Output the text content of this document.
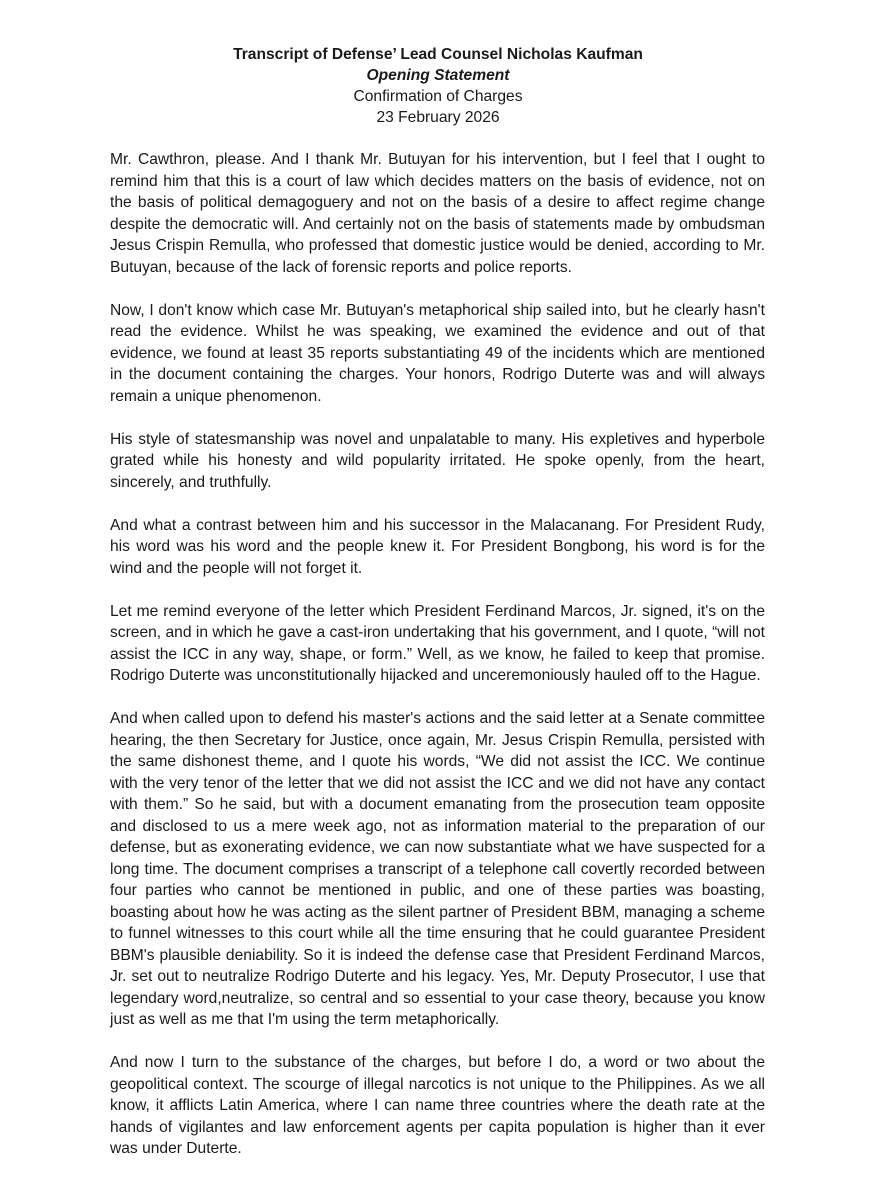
Transcript of Defense’ Lead Counsel Nicholas Kaufman
Opening Statement
Confirmation of Charges
23 February 2026

Mr. Cawthron, please. And I thank Mr. Butuyan for his intervention, but I feel that I ought to remind him that this is a court of law which decides matters on the basis of evidence, not on the basis of political demagoguery and not on the basis of a desire to affect regime change despite the democratic will. And certainly not on the basis of statements made by ombudsman Jesus Crispin Remulla, who professed that domestic justice would be denied, according to Mr. Butuyan, because of the lack of forensic reports and police reports.

Now, I don't know which case Mr. Butuyan's metaphorical ship sailed into, but he clearly hasn't read the evidence. Whilst he was speaking, we examined the evidence and out of that evidence, we found at least 35 reports substantiating 49 of the incidents which are mentioned in the document containing the charges. Your honors, Rodrigo Duterte was and will always remain a unique phenomenon.

His style of statesmanship was novel and unpalatable to many. His expletives and hyperbole grated while his honesty and wild popularity irritated. He spoke openly, from the heart, sincerely, and truthfully.

And what a contrast between him and his successor in the Malacanang. For President Rudy, his word was his word and the people knew it. For President Bongbong, his word is for the wind and the people will not forget it.

Let me remind everyone of the letter which President Ferdinand Marcos, Jr. signed, it's on the screen, and in which he gave a cast-iron undertaking that his government, and I quote, “will not assist the ICC in any way, shape, or form.” Well, as we know, he failed to keep that promise. Rodrigo Duterte was unconstitutionally hijacked and unceremoniously hauled off to the Hague.

And when called upon to defend his master's actions and the said letter at a Senate committee hearing, the then Secretary for Justice, once again, Mr. Jesus Crispin Remulla, persisted with the same dishonest theme, and I quote his words, “We did not assist the ICC. We continue with the very tenor of the letter that we did not assist the ICC and we did not have any contact with them.” So he said, but with a document emanating from the prosecution team opposite and disclosed to us a mere week ago, not as information material to the preparation of our defense, but as exonerating evidence, we can now substantiate what we have suspected for a long time. The document comprises a transcript of a telephone call covertly recorded between four parties who cannot be mentioned in public, and one of these parties was boasting, boasting about how he was acting as the silent partner of President BBM, managing a scheme to funnel witnesses to this court while all the time ensuring that he could guarantee President BBM's plausible deniability. So it is indeed the defense case that President Ferdinand Marcos, Jr. set out to neutralize Rodrigo Duterte and his legacy. Yes, Mr. Deputy Prosecutor, I use that legendary word,neutralize, so central and so essential to your case theory, because you know just as well as me that I'm using the term metaphorically.

And now I turn to the substance of the charges, but before I do, a word or two about the geopolitical context. The scourge of illegal narcotics is not unique to the Philippines. As we all know, it afflicts Latin America, where I can name three countries where the death rate at the hands of vigilantes and law enforcement agents per capita population is higher than it ever was under Duterte.
